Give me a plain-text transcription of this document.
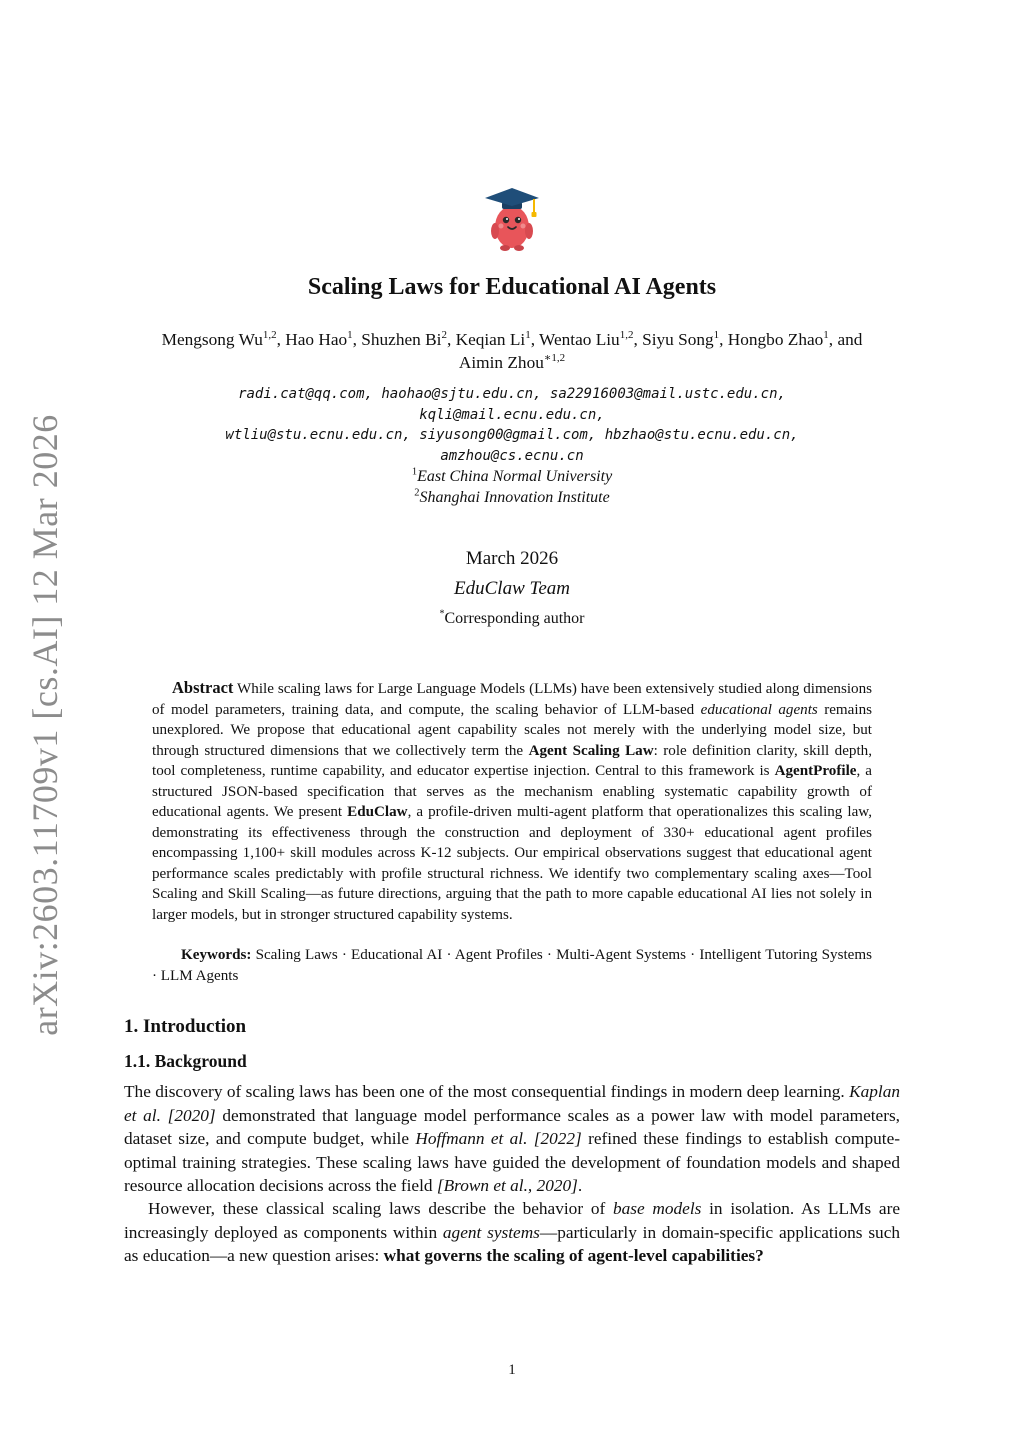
arXiv:2603.11709v1 [cs.AI] 12 Mar 2026
Scaling Laws for Educational AI Agents
Mengsong Wu$^{1,2}$, Hao Hao$^1$, Shuzhen Bi$^2$, Keqian Li$^1$, Wentao Liu$^{1,2}$, Siyu Song$^1$, Hongbo Zhao$^1$, and
Aimin Zhou$^{∗1,2}$
radi.cat@qq.com, haohao@sjtu.edu.cn, sa22916003@mail.ustc.edu.cn,
kqli@mail.ecnu.edu.cn,
wtliu@stu.ecnu.edu.cn, siyusong00@gmail.com, hbzhao@stu.ecnu.edu.cn,
amzhou@cs.ecnu.cn
$^1$East China Normal University
$^2$Shanghai Innovation Institute
March 2026
EduClaw Team
*Corresponding author
Abstract While scaling laws for Large Language Models (LLMs) have been extensively studied along dimensions of model parameters, training data, and compute, the scaling behavior of LLM-based educational agents remains unexplored. We propose that educational agent capability scales not merely with the underlying model size, but through structured dimensions that we collectively term the Agent Scaling Law: role definition clarity, skill depth, tool completeness, runtime capability, and educator expertise injection. Central to this framework is AgentProfile, a structured JSON-based specification that serves as the mechanism enabling systematic capability growth of educational agents. We present EduClaw, a profile-driven multi-agent platform that operationalizes this scaling law, demonstrating its effectiveness through the construction and deployment of 330+ educational agent profiles encompassing 1,100+ skill modules across K-12 subjects. Our empirical observations suggest that educational agent performance scales predictably with profile structural richness. We identify two complementary scaling axes—Tool Scaling and Skill Scaling—as future directions, arguing that the path to more capable educational AI lies not solely in larger models, but in stronger structured capability systems.
Keywords: Scaling Laws · Educational AI · Agent Profiles · Multi-Agent Systems · Intelligent Tutoring Systems · LLM Agents
1. Introduction
1.1. Background
The discovery of scaling laws has been one of the most consequential findings in modern deep learning. Kaplan et al. [2020] demonstrated that language model performance scales as a power law with model parameters, dataset size, and compute budget, while Hoffmann et al. [2022] refined these findings to establish compute-optimal training strategies. These scaling laws have guided the development of foundation models and shaped resource allocation decisions across the field [Brown et al., 2020].
However, these classical scaling laws describe the behavior of base models in isolation. As LLMs are increasingly deployed as components within agent systems—particularly in domain-specific applications such as education—a new question arises: what governs the scaling of agent-level capabilities?
1
